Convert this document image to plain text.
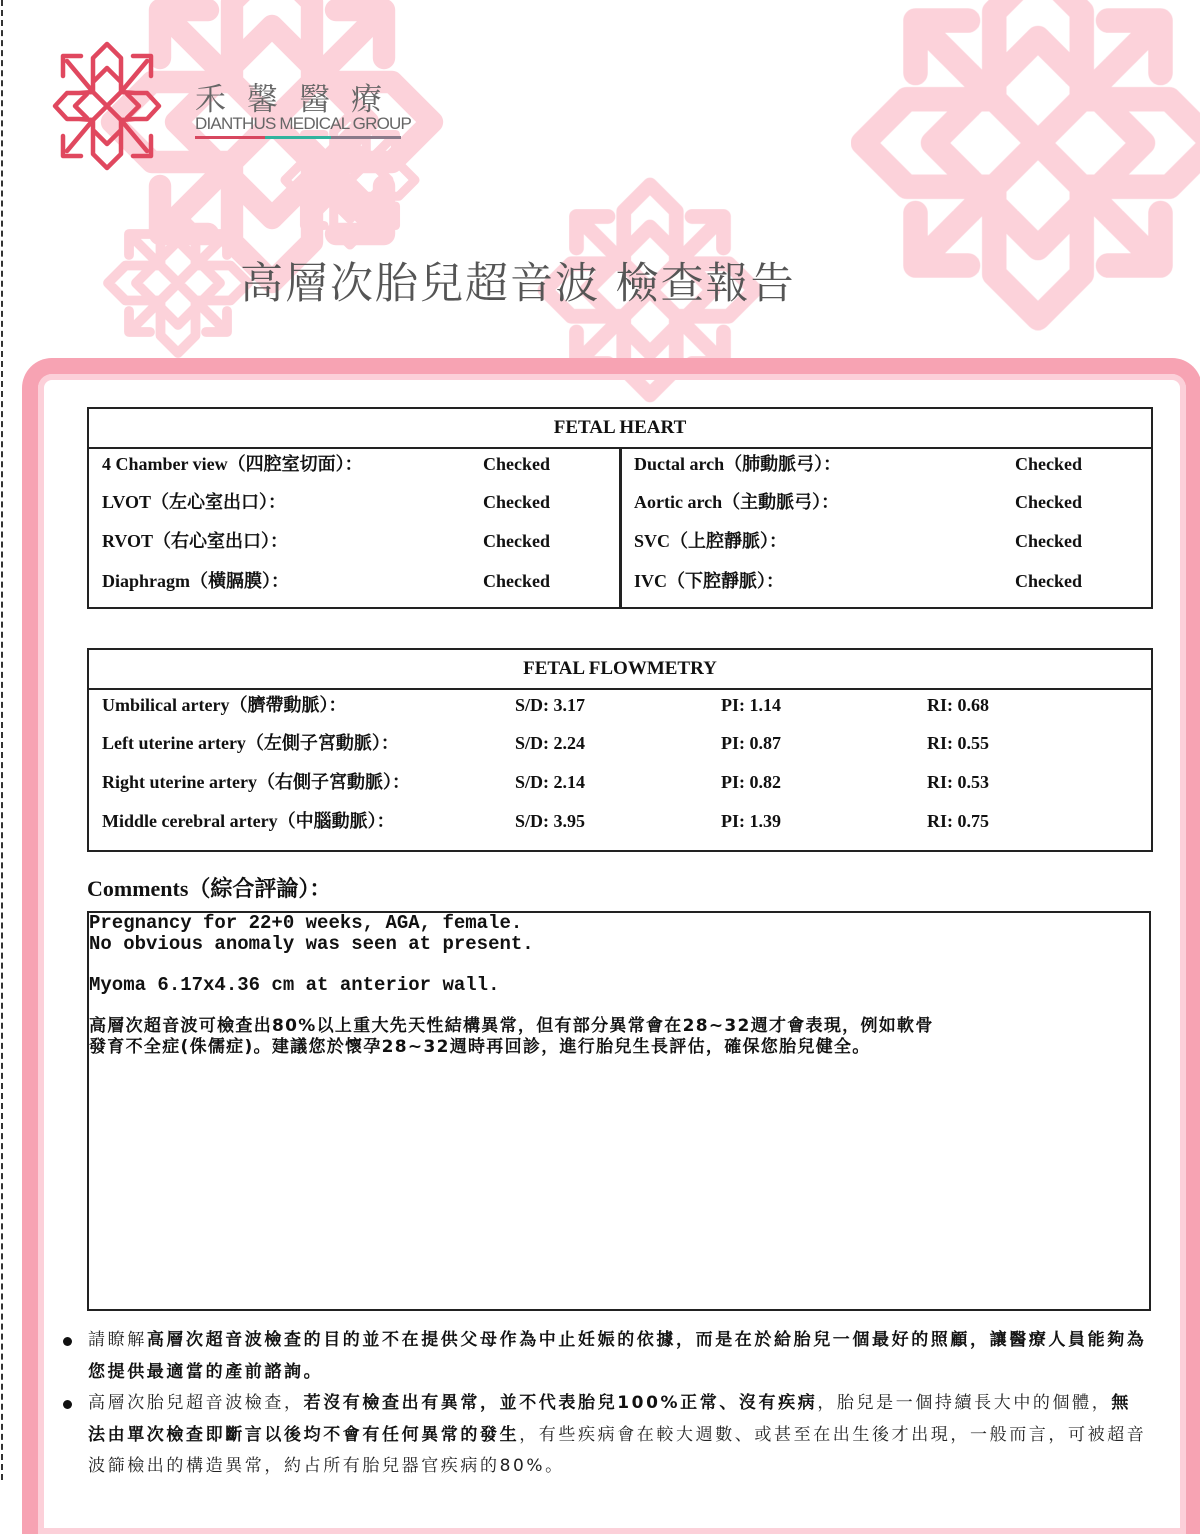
禾馨醫療
DIANTHUS MEDICAL GROUP
高層次胎兒超音波 檢查報告
FETAL HEART
4 Chamber view（四腔室切面）：	Checked
LVOT（左心室出口）：	Checked
RVOT（右心室出口）：	Checked
Diaphragm（橫膈膜）：	Checked
Ductal arch（肺動脈弓）：	Checked
Aortic arch（主動脈弓）：	Checked
SVC（上腔靜脈）：	Checked
IVC（下腔靜脈）：	Checked
FETAL FLOWMETRY
Umbilical artery（臍帶動脈）：	S/D: 3.17	PI: 1.14	RI: 0.68
Left uterine artery（左側子宮動脈）：	S/D: 2.24	PI: 0.87	RI: 0.55
Right uterine artery（右側子宮動脈）：	S/D: 2.14	PI: 0.82	RI: 0.53
Middle cerebral artery（中腦動脈）：	S/D: 3.95	PI: 1.39	RI: 0.75
Comments（綜合評論）：
Pregnancy for 22+0 weeks, AGA, female.
No obvious anomaly was seen at present.
Myoma 6.17x4.36 cm at anterior wall.
高層次超音波可檢查出80%以上重大先天性結構異常，但有部分異常會在28~32週才會表現，例如軟骨
發育不全症(侏儒症)。建議您於懷孕28~32週時再回診，進行胎兒生長評估，確保您胎兒健全。
請瞭解高層次超音波檢查的目的並不在提供父母作為中止妊娠的依據，而是在於給胎兒一個最好的照顧，讓醫療人員能夠為您提供最適當的產前諮詢。
高層次胎兒超音波檢查，若沒有檢查出有異常，並不代表胎兒100%正常、沒有疾病，胎兒是一個持續長大中的個體，無法由單次檢查即斷言以後均不會有任何異常的發生，有些疾病會在較大週數、或甚至在出生後才出現，一般而言，可被超音波篩檢出的構造異常，約占所有胎兒器官疾病的80%。
